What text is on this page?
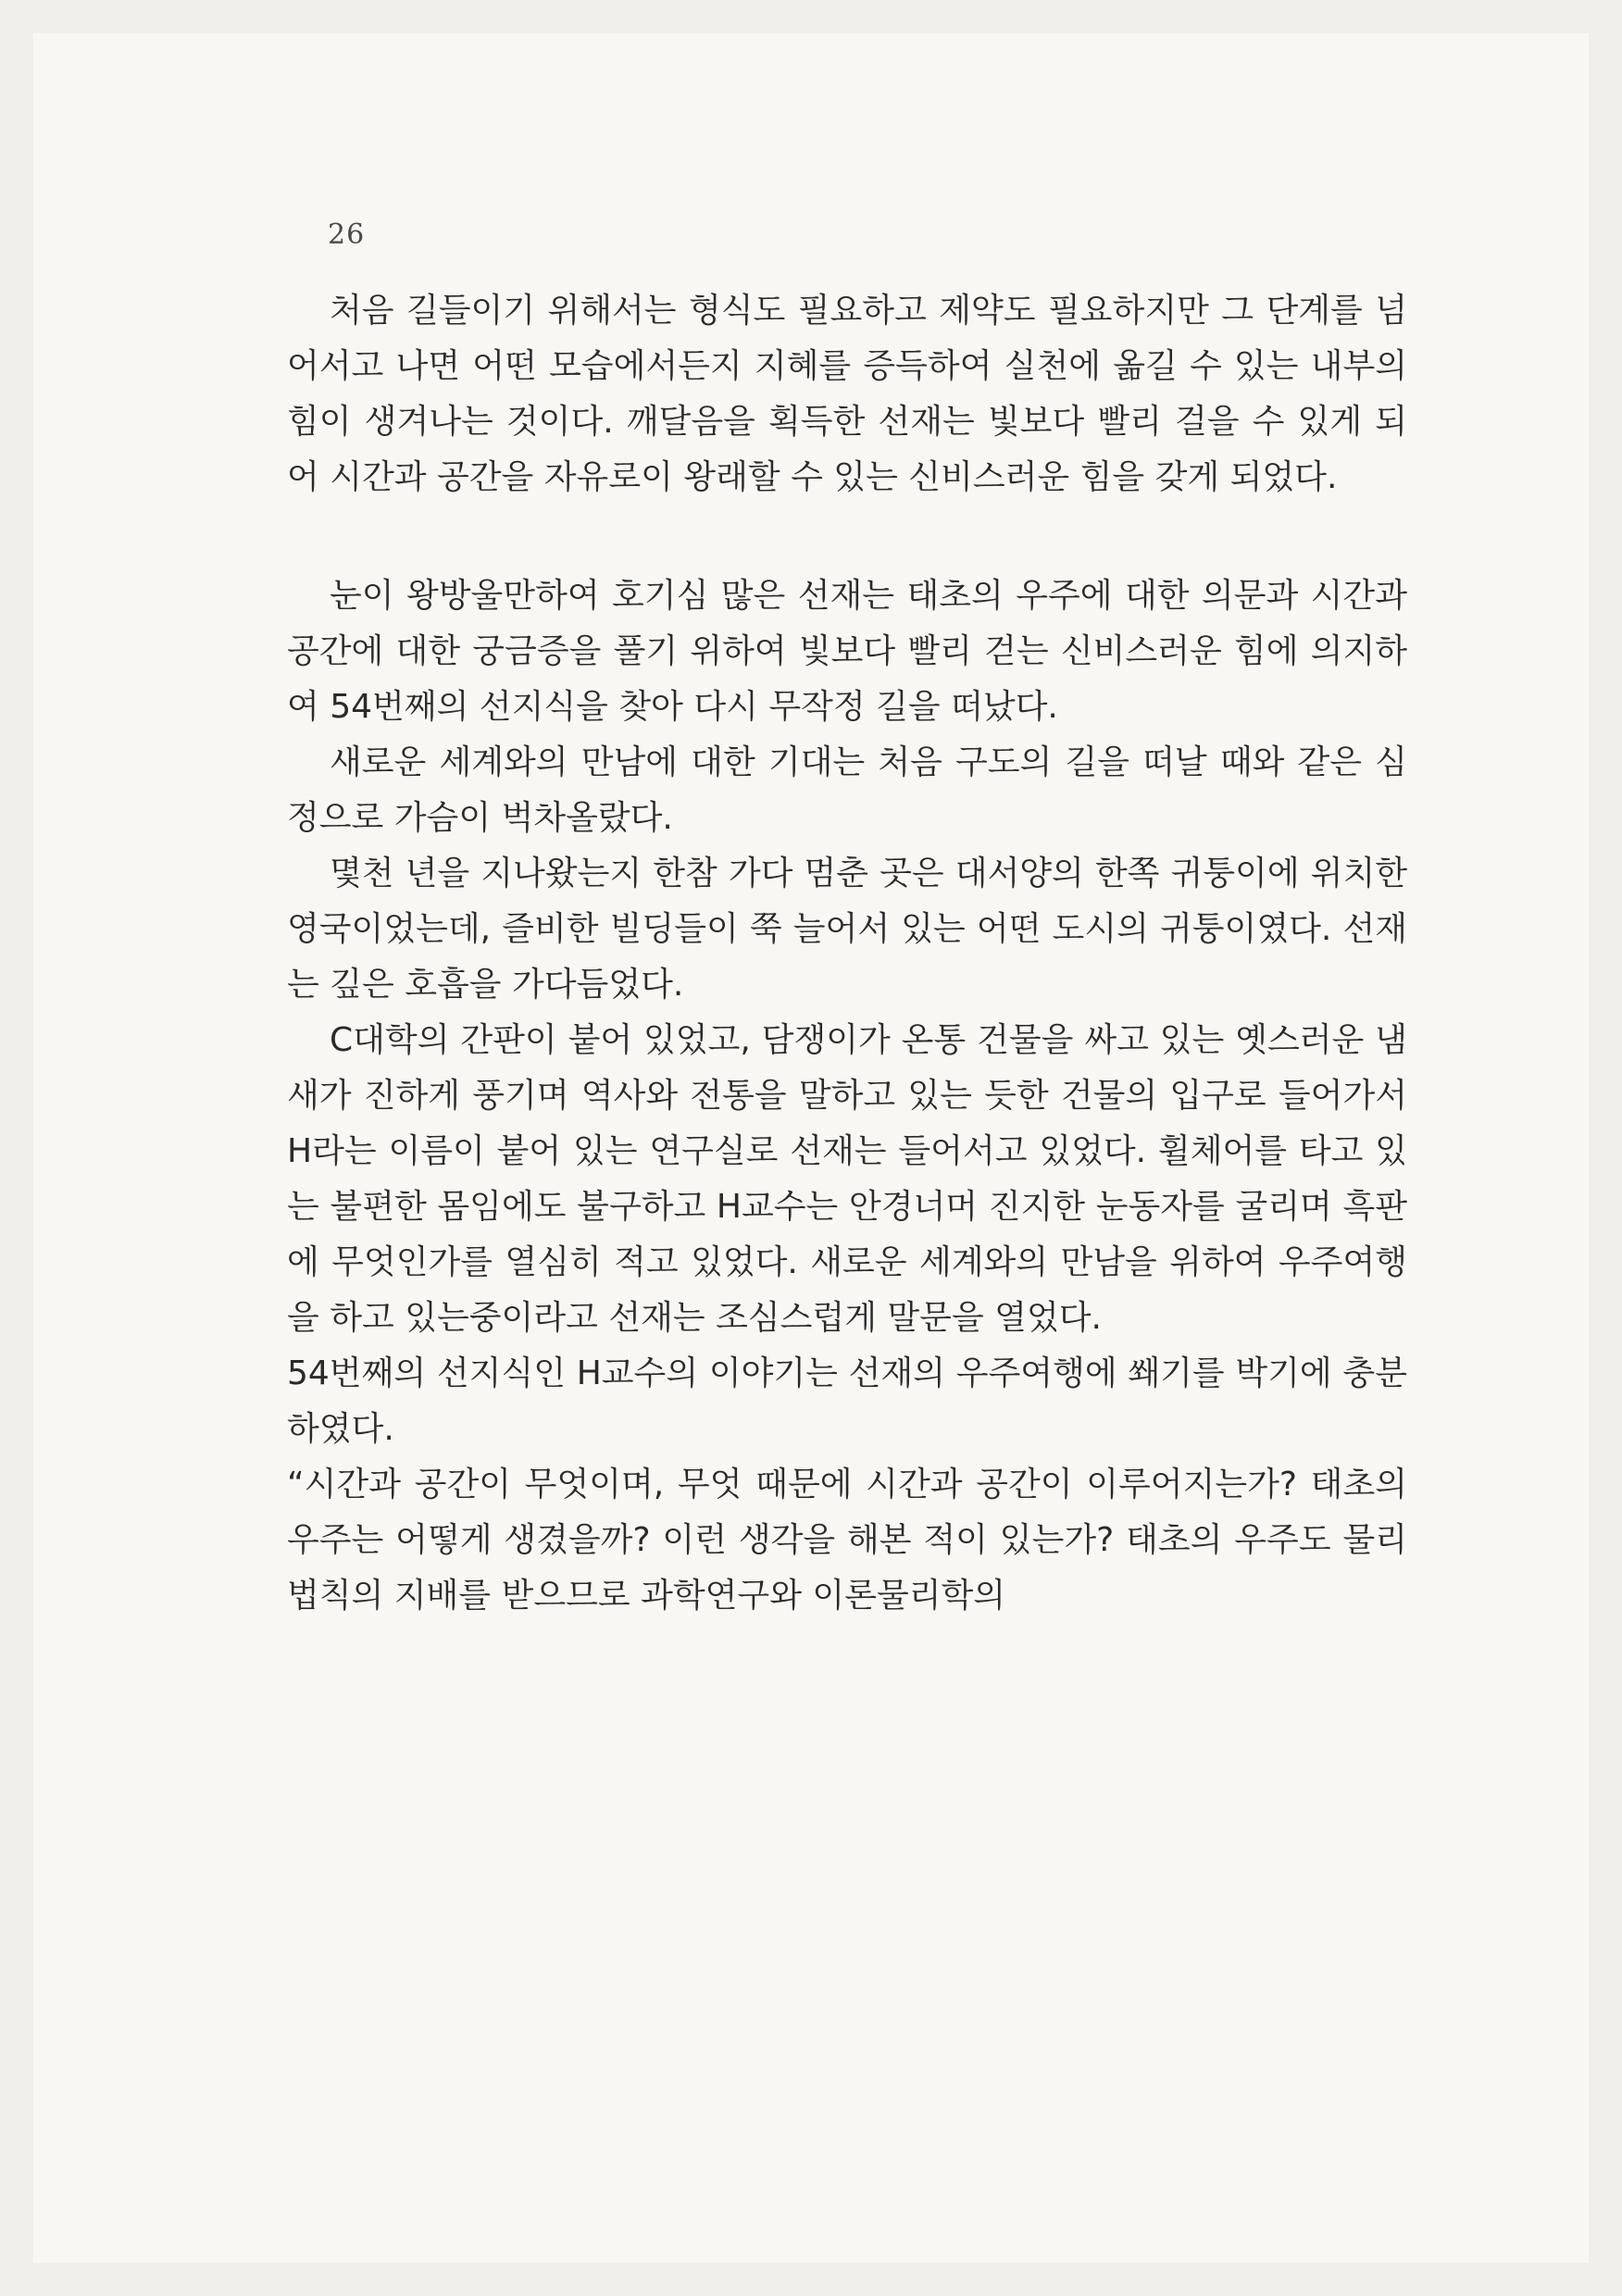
26

처음 길들이기 위해서는 형식도 필요하고 제약도 필요하지만 그 단계를 넘어서고 나면 어떤 모습에서든지 지혜를 증득하여 실천에 옮길 수 있는 내부의 힘이 생겨나는 것이다. 깨달음을 획득한 선재는 빛보다 빨리 걸을 수 있게 되어 시간과 공간을 자유로이 왕래할 수 있는 신비스러운 힘을 갖게 되었다.

눈이 왕방울만하여 호기심 많은 선재는 태초의 우주에 대한 의문과 시간과 공간에 대한 궁금증을 풀기 위하여 빛보다 빨리 걷는 신비스러운 힘에 의지하여 54번째의 선지식을 찾아 다시 무작정 길을 떠났다.

새로운 세계와의 만남에 대한 기대는 처음 구도의 길을 떠날 때와 같은 심정으로 가슴이 벅차올랐다.

몇천 년을 지나왔는지 한참 가다 멈춘 곳은 대서양의 한쪽 귀퉁이에 위치한 영국이었는데, 즐비한 빌딩들이 쭉 늘어서 있는 어떤 도시의 귀퉁이였다. 선재는 깊은 호흡을 가다듬었다.

C대학의 간판이 붙어 있었고, 담쟁이가 온통 건물을 싸고 있는 옛스러운 냄새가 진하게 풍기며 역사와 전통을 말하고 있는 듯한 건물의 입구로 들어가서 H라는 이름이 붙어 있는 연구실로 선재는 들어서고 있었다. 휠체어를 타고 있는 불편한 몸임에도 불구하고 H교수는 안경너머 진지한 눈동자를 굴리며 흑판에 무엇인가를 열심히 적고 있었다. 새로운 세계와의 만남을 위하여 우주여행을 하고 있는중이라고 선재는 조심스럽게 말문을 열었다.

54번째의 선지식인 H교수의 이야기는 선재의 우주여행에 쐐기를 박기에 충분하였다.

“시간과 공간이 무엇이며, 무엇 때문에 시간과 공간이 이루어지는가? 태초의 우주는 어떻게 생겼을까? 이런 생각을 해본 적이 있는가? 태초의 우주도 물리법칙의 지배를 받으므로 과학연구와 이론물리학의
